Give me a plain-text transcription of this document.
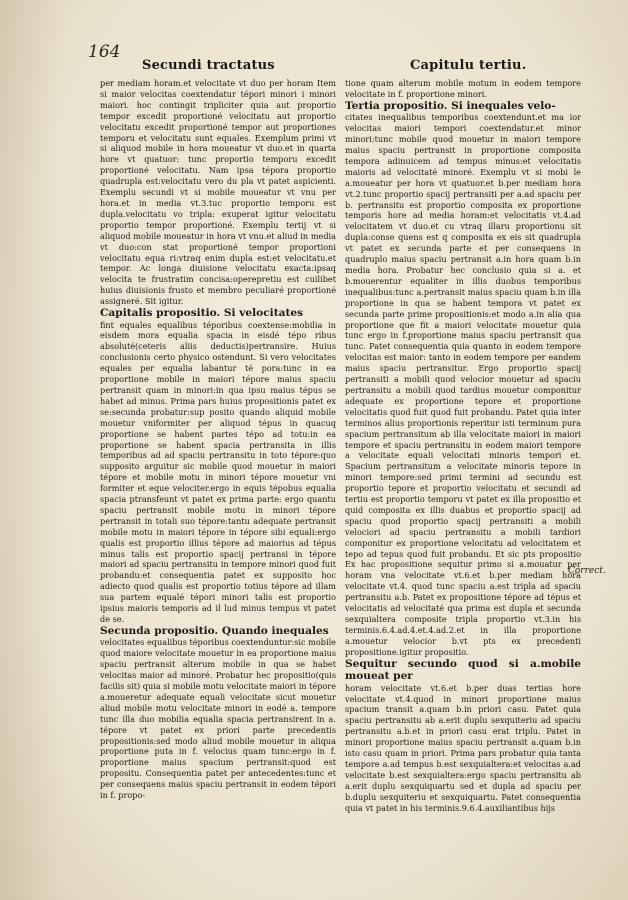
164
Secundi tractatus	Capitulu tertiu.

per mediam horam.et velocitate vt duo per horam Item si maior velocitas coextendatur tépori minori i minori maiori. hoc contingit tripliciter quia aut proportio tempor excedit proportioné velocitatu aut proportio velocitatu excedit proportioné tempor aut proportiones temporu et velocitatu sunt equales. Exemplum primi vt si aliquod mobile in hora moueatur vt duo.et in quarta hore vt quatuor: tunc proportio temporu excedit proportioné velocitatu. Nam ipsa tépora proportio quadrupla est:velocitatu vero du pla vt patet aspicienti. Exemplu secundi vt si mobile moueatur vt vnu per hora.et in media vt.3.tuc proportio temporu est dupla.velocitatu vo tripla: exuperat igitur velocitatu proportio tempor proportioné. Exemplu tertij vt si aliquod mobile moueatur in hora vt vnu.et aliud in media vt duo:con stat proportioné tempor proportioni velocitatu equa ri:vtraq enim dupla est:et velocitatu.et tempor. Ac longa diuisione velocitatu exacta:ipsaq velocita te frustratim concisa:operepretiu est cuilibet huius diuisionis frusto et membro peculiaré proportioné assigneré. Sit igitur.

Capitalis propositio. Si velocitates

fint equales equalibus téporibus coextense:mobilia in eisdem mora equalia spacia in eisdé tépo ribus absoluté(ceteris aliis deductis)pertransire. Huius conclusionis certo physico ostendunt. Si vero velocitates equales per equalia labantur té pora:tunc in ea proportione mobile in maiori tépore maius spaciu pertransit quam in minori:in qua ipsu maius tépus se habet ad minus. Prima pars huius propositionis patet ex se:secunda probatur:sup posito quando aliquid mobile mouetur vniformiter per aliquod tépus in quacuq proportione se habent partes tépo ad totu:in ea proportione se habent spacia pertransita in illis temporibus ad ad spaciu pertransitu in toto tépore:quo supposito arguitur sic mobile quod mouetur in maiori tépore et mobile motu in minori tépore mouetur vni formiter et eque velociter.ergo in equis tépobus equalia spacia ptransfeunt vt patet ex prima parte: ergo quantu spaciu pertransit mobile motu in minori tépore pertransit in totali suo tépore:tantu adequate pertransit mobile motu in maiori tépore in tépore sibi equali:ergo qualis est proportio illius tépore ad maiorius ad tépus minus talis est proportio spacij pertransi in tépore maiori ad spaciu pertransitu in tempore minori quod fuit probandu:et consequentia patet ex supposito hoc adiecto quod qualis est proportio totius tépore ad illam sua partem equalé tépori minori talis est proportio ipsius maioris temporis ad il lud minus tempus vt patet de se.

Secunda propositio. Quando inequales

velocitates equalibus téporibus coextenduntur:sic mobile quod maiore velocitate mouetur in ea proportione maius spaciu pertransit alterum mobile in qua se habet velocitas maior ad minoré. Probatur hec propositio(quis facilis sit) quia si mobile motu velocitate maiori in tépore a.moueretur adequate equali velocitate sicut mouetur aliud mobile motu velocitate minori in eodé a. tempore tunc illa duo mobilia equalia spacia pertransirent in a. tépore vt patet ex priori parte precedentis propositionis:sed modo aliud mobile mouetur in aliqua proportione puta in f. velocius quam tunc:ergo in f. proportione maius spacium pertransit:quod est propositu. Consequentia patet per antecedentes:tunc et per consequens maius spaciu pertransit in eodem tépori in f. propo-

tione quam alterum mobile motum in eodem tempore velocitate in f. proportione minori.

Tertia propositio. Si inequales velo-

citates inequalibus temporibus coextendunt.et ma ior velocitas maiori tempori coextendatur.et minor minori:tunc mobile quod mouetur in maiori tempore maius spaciu pertransit in proportione composita tempora adinuicem ad tempus minus:et velocitatis maioris ad velocitaté minoré. Exemplu vt si mobi le a.moueatur per hora vt quatuor.et b.per mediam hora vt.2.tunc proportio spacij pertransiti per a.ad spaciu per b. pertransitu est proportio composita ex proportione temporis hore ad media horam:et velocitatis vt.4.ad velocitatem vt duo.et cu vtraq illaru proportionu sit dupla:conse quens est q composita ex eis sit quadrupla vt patet ex secunda parte et per consequens in quadruplo maius spaciu pertransit a.in hora quam b.in media hora. Probatur hec conclusio quia si a. et b.mouerentur equaliter in illis duobus temporibus inequalibus:tunc a.pertransit maius spaciu quam b.in illa proportione in qua se habent tempora vt patet ex secunda parte prime propositionis:et modo a.in alia qua proportione que fit a maiori velocitate mouetur quia tunc ergo in f.proportione maius spaciu pertransit qua tunc. Patet consequentia quia quanto in eodem tempore velocitas est maior: tanto in eodem tempore per eandem maius spaciu pertransitur. Ergo proportio spacij pertransiti a mobili quod velocior mouetur ad spaciu pertransitu a mobili quod tardius mouetur componitur adequate ex proportione tepore et proportione velocitatis quod fuit quod fuit probandu. Patet quia inter terminos alius proportionis reperitur isti terminum pura spacium pertransitum ab illa velocitate maiori in maiori tempore et spaciu pertransitu in eodem maiori tempore a velocitate equali velocitati minoris tempori et. Spacium pertransitum a velocitate minoris tepore in minori tempore:sed primi termini ad secundu est proportio tepore et proportio velocitatu et secundi ad tertiu est proportio temporu vt patet ex illa propositio et quid composita ex illis duabus et proportio spacij ad spaciu quod proportio spacij pertransiti a mobili velociori ad spaciu pertransitu a mobili tardiori componitur ex proportione velocitatu ad velocitatem et tepo ad tepus quod fuit probandu. Et sic pts propositio Ex hac propositione sequitur primo si a.mouatur per horam vna velocitate vt.6.et b.per mediam hora velocitate vt.4. quod tunc spaciu a.est tripla ad spaciu pertransitu a.b. Patet ex propositione tépore ad tépus et velocitatis ad velocitaté qua prima est dupla et secunda sexquialtera composite tripla proportio vt.3.in his terminis.6.4.ad.4.et.4.ad.2.et in illa proportione a.mouetur velocior b.vt pts ex precedenti propositione.igitur propositio.

Sequitur secundo quod si a.mobile moueat per

horam velocitate vt.6.et b.per duas tertias hore velocitate vt.4.quod in minori proportione maius spacium transit a.quam b.in priori casu. Patet quia spaciu pertransitu ab a.erit duplu sexquiteriu ad spaciu pertransitu a.b.et in priori casu erat triplu. Patet in minori proportione maius spaciu pertransit a.quam b.in isto casu quam in priori. Prima pars probatur quia tanta tempore a.ad tempus b.est sexquialtera:et velocitas a.ad velocitate b.est sexquialtera:ergo spaciu pertransitu ab a.erit duplu sexquiquartu sed et dupla ad spaciu per b.duplu sexquiteriu et sexquiquartu. Patet consequentia quia vt patet in his terminis.9.6.4.auxiliantibus hijs

Correct.
